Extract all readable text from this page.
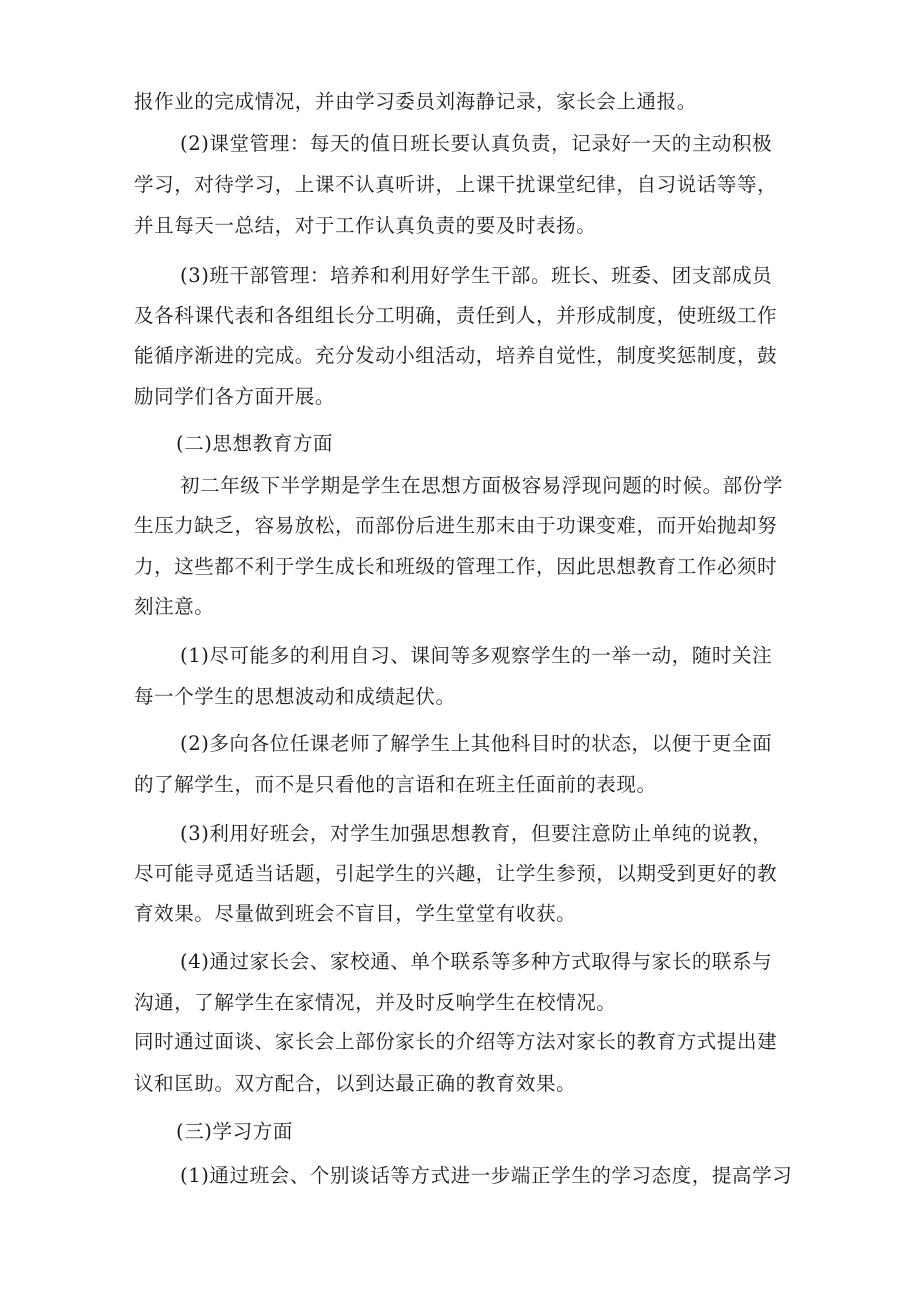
报作业的完成情况，并由学习委员刘海静记录，家长会上通报。
(2)课堂管理：每天的值日班长要认真负责，记录好一天的主动积极
学习，对待学习，上课不认真听讲，上课干扰课堂纪律，自习说话等等，
并且每天一总结，对于工作认真负责的要及时表扬。
(3)班干部管理：培养和利用好学生干部。班长、班委、团支部成员
及各科课代表和各组组长分工明确，责任到人，并形成制度，使班级工作
能循序渐进的完成。充分发动小组活动，培养自觉性，制度奖惩制度，鼓
励同学们各方面开展。
(二)思想教育方面
初二年级下半学期是学生在思想方面极容易浮现问题的时候。部份学
生压力缺乏，容易放松，而部份后进生那末由于功课变难，而开始抛却努
力，这些都不利于学生成长和班级的管理工作，因此思想教育工作必须时
刻注意。
(1)尽可能多的利用自习、课间等多观察学生的一举一动，随时关注
每一个学生的思想波动和成绩起伏。
(2)多向各位任课老师了解学生上其他科目时的状态，以便于更全面
的了解学生，而不是只看他的言语和在班主任面前的表现。
(3)利用好班会，对学生加强思想教育，但要注意防止单纯的说教，
尽可能寻觅适当话题，引起学生的兴趣，让学生参预，以期受到更好的教
育效果。尽量做到班会不盲目，学生堂堂有收获。
(4)通过家长会、家校通、单个联系等多种方式取得与家长的联系与
沟通，了解学生在家情况，并及时反响学生在校情况。
同时通过面谈、家长会上部份家长的介绍等方法对家长的教育方式提出建
议和匡助。双方配合，以到达最正确的教育效果。
(三)学习方面
(1)通过班会、个别谈话等方式进一步端正学生的学习态度，提高学习
